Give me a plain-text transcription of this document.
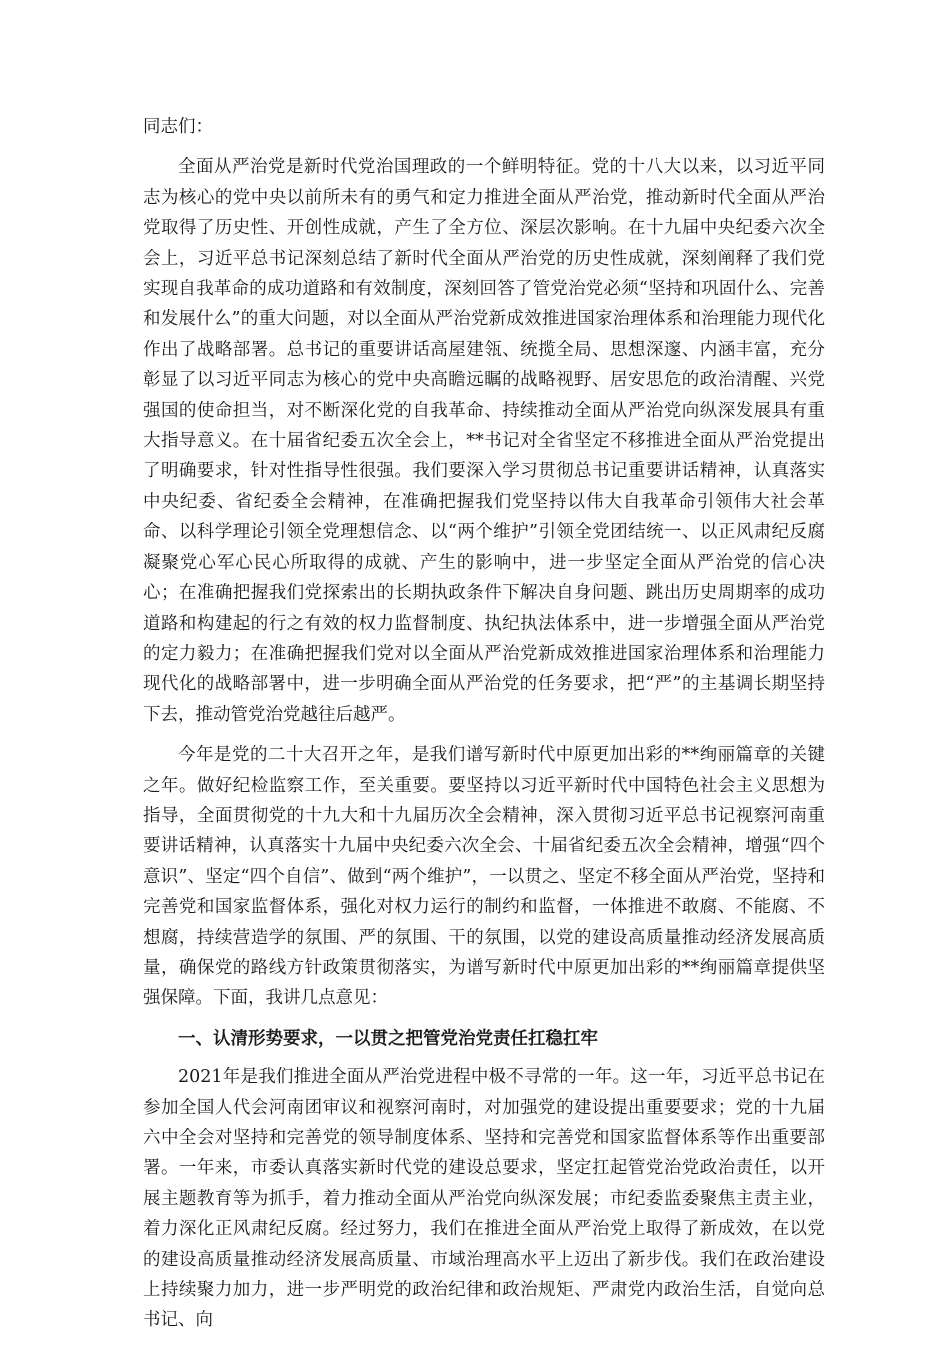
同志们：

全面从严治党是新时代党治国理政的一个鲜明特征。党的十八大以来，以习近平同志为核心的党中央以前所未有的勇气和定力推进全面从严治党，推动新时代全面从严治党取得了历史性、开创性成就，产生了全方位、深层次影响。在十九届中央纪委六次全会上，习近平总书记深刻总结了新时代全面从严治党的历史性成就，深刻阐释了我们党实现自我革命的成功道路和有效制度，深刻回答了管党治党必须“坚持和巩固什么、完善和发展什么”的重大问题，对以全面从严治党新成效推进国家治理体系和治理能力现代化作出了战略部署。总书记的重要讲话高屋建瓴、统揽全局、思想深邃、内涵丰富，充分彰显了以习近平同志为核心的党中央高瞻远瞩的战略视野、居安思危的政治清醒、兴党强国的使命担当，对不断深化党的自我革命、持续推动全面从严治党向纵深发展具有重大指导意义。在十届省纪委五次全会上，**书记对全省坚定不移推进全面从严治党提出了明确要求，针对性指导性很强。我们要深入学习贯彻总书记重要讲话精神，认真落实中央纪委、省纪委全会精神，在准确把握我们党坚持以伟大自我革命引领伟大社会革命、以科学理论引领全党理想信念、以“两个维护”引领全党团结统一、以正风肃纪反腐凝聚党心军心民心所取得的成就、产生的影响中，进一步坚定全面从严治党的信心决心；在准确把握我们党探索出的长期执政条件下解决自身问题、跳出历史周期率的成功道路和构建起的行之有效的权力监督制度、执纪执法体系中，进一步增强全面从严治党的定力毅力；在准确把握我们党对以全面从严治党新成效推进国家治理体系和治理能力现代化的战略部署中，进一步明确全面从严治党的任务要求，把“严”的主基调长期坚持下去，推动管党治党越往后越严。

今年是党的二十大召开之年，是我们谱写新时代中原更加出彩的**绚丽篇章的关键之年。做好纪检监察工作，至关重要。要坚持以习近平新时代中国特色社会主义思想为指导，全面贯彻党的十九大和十九届历次全会精神，深入贯彻习近平总书记视察河南重要讲话精神，认真落实十九届中央纪委六次全会、十届省纪委五次全会精神，增强“四个意识”、坚定“四个自信”、做到“两个维护”，一以贯之、坚定不移全面从严治党，坚持和完善党和国家监督体系，强化对权力运行的制约和监督，一体推进不敢腐、不能腐、不想腐，持续营造学的氛围、严的氛围、干的氛围，以党的建设高质量推动经济发展高质量，确保党的路线方针政策贯彻落实，为谱写新时代中原更加出彩的**绚丽篇章提供坚强保障。下面，我讲几点意见：

一、认清形势要求，一以贯之把管党治党责任扛稳扛牢

2021年是我们推进全面从严治党进程中极不寻常的一年。这一年，习近平总书记在参加全国人代会河南团审议和视察河南时，对加强党的建设提出重要要求；党的十九届六中全会对坚持和完善党的领导制度体系、坚持和完善党和国家监督体系等作出重要部署。一年来，市委认真落实新时代党的建设总要求，坚定扛起管党治党政治责任，以开展主题教育等为抓手，着力推动全面从严治党向纵深发展；市纪委监委聚焦主责主业，着力深化正风肃纪反腐。经过努力，我们在推进全面从严治党上取得了新成效，在以党的建设高质量推动经济发展高质量、市域治理高水平上迈出了新步伐。我们在政治建设上持续聚力加力，进一步严明党的政治纪律和政治规矩、严肃党内政治生活，自觉向总书记、向
